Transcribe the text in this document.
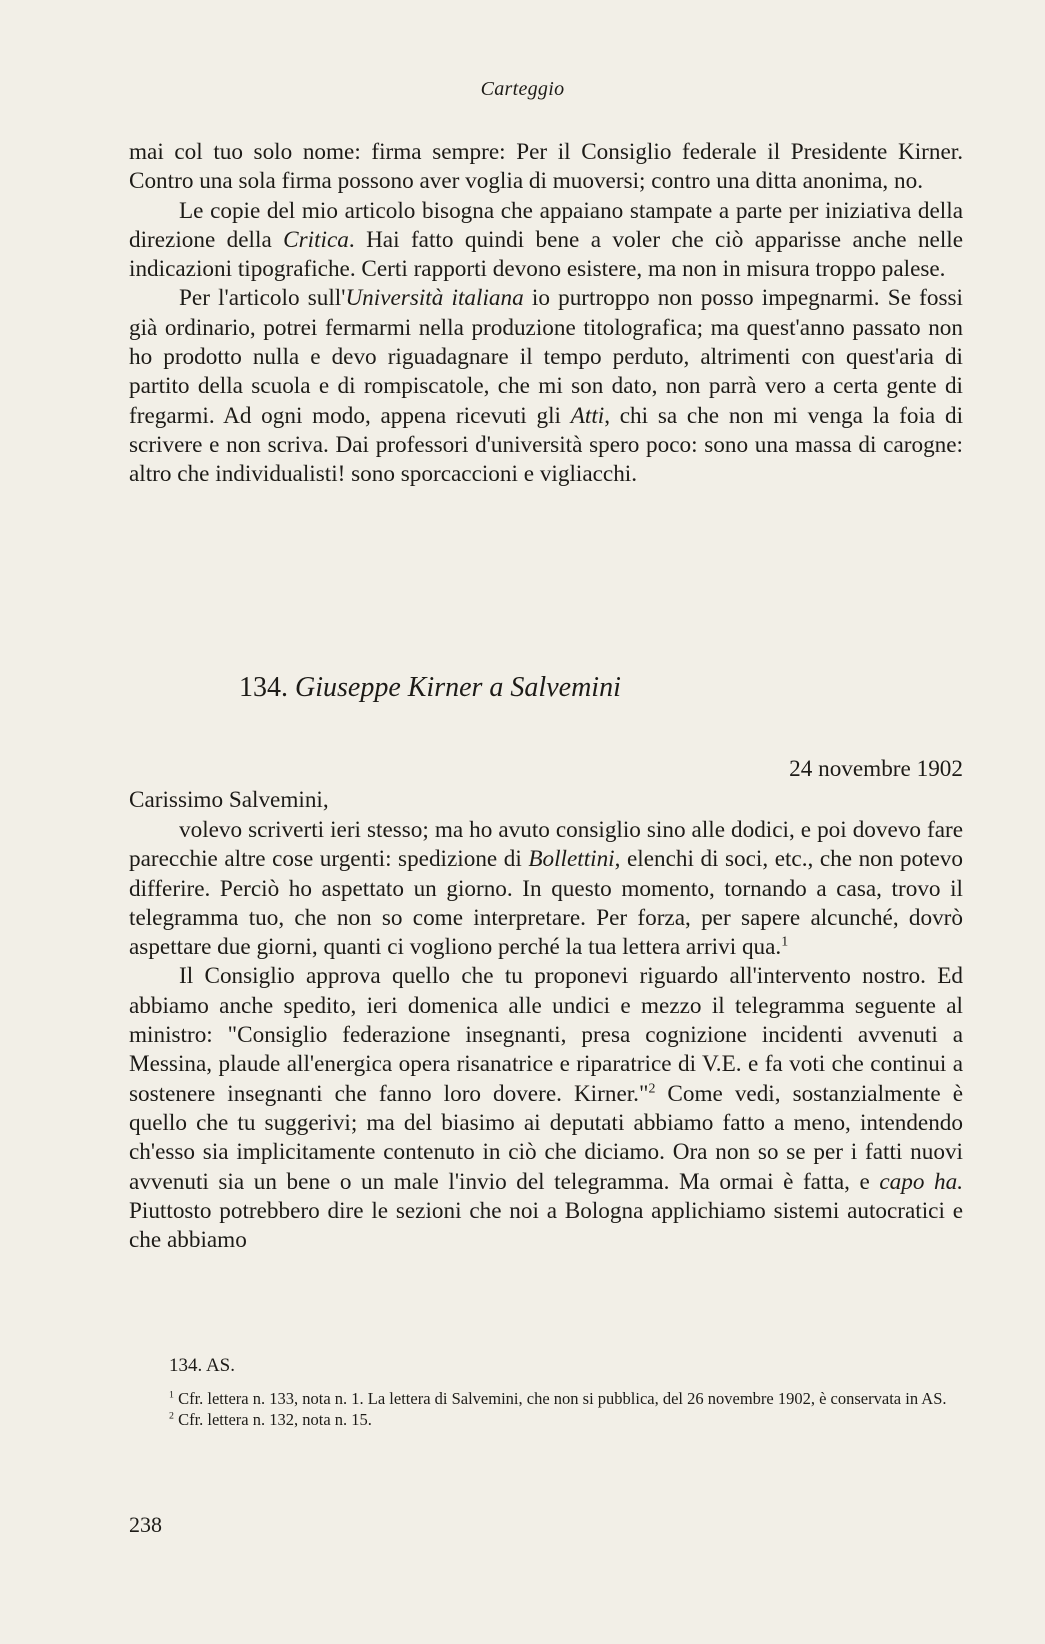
Carteggio

mai col tuo solo nome: firma sempre: Per il Consiglio federale il Presidente Kirner. Contro una sola firma possono aver voglia di muoversi; contro una ditta anonima, no.

Le copie del mio articolo bisogna che appaiano stampate a parte per iniziativa della direzione della Critica. Hai fatto quindi bene a voler che ciò apparisse anche nelle indicazioni tipografiche. Certi rapporti devono esistere, ma non in misura troppo palese.

Per l'articolo sull'Università italiana io purtroppo non posso impegnarmi. Se fossi già ordinario, potrei fermarmi nella produzione titolografica; ma quest'anno passato non ho prodotto nulla e devo riguadagnare il tempo perduto, altrimenti con quest'aria di partito della scuola e di rompiscatole, che mi son dato, non parrà vero a certa gente di fregarmi. Ad ogni modo, appena ricevuti gli Atti, chi sa che non mi venga la foia di scrivere e non scriva. Dai professori d'università spero poco: sono una massa di carogne: altro che individualisti! sono sporcaccioni e vigliacchi.

134. Giuseppe Kirner a Salvemini
24 novembre 1902
Carissimo Salvemini,

volevo scriverti ieri stesso; ma ho avuto consiglio sino alle dodici, e poi dovevo fare parecchie altre cose urgenti: spedizione di Bollettini, elenchi di soci, etc., che non potevo differire. Perciò ho aspettato un giorno. In questo momento, tornando a casa, trovo il telegramma tuo, che non so come interpretare. Per forza, per sapere alcunché, dovrò aspettare due giorni, quanti ci vogliono perché la tua lettera arrivi qua.$^1$

Il Consiglio approva quello che tu proponevi riguardo all'intervento nostro. Ed abbiamo anche spedito, ieri domenica alle undici e mezzo il telegramma seguente al ministro: "Consiglio federazione insegnanti, presa cognizione incidenti avvenuti a Messina, plaude all'energica opera risanatrice e riparatrice di V.E. e fa voti che continui a sostenere insegnanti che fanno loro dovere. Kirner."$^2$ Come vedi, sostanzialmente è quello che tu suggerivi; ma del biasimo ai deputati abbiamo fatto a meno, intendendo ch'esso sia implicitamente contenuto in ciò che diciamo. Ora non so se per i fatti nuovi avvenuti sia un bene o un male l'invio del telegramma. Ma ormai è fatta, e capo ha. Piuttosto potrebbero dire le sezioni che noi a Bologna applichiamo sistemi autocratici e che abbiamo

134. AS.

$^1$ Cfr. lettera n. 133, nota n. 1. La lettera di Salvemini, che non si pubblica, del 26 novembre 1902, è conservata in AS.

$^2$ Cfr. lettera n. 132, nota n. 15.

238
